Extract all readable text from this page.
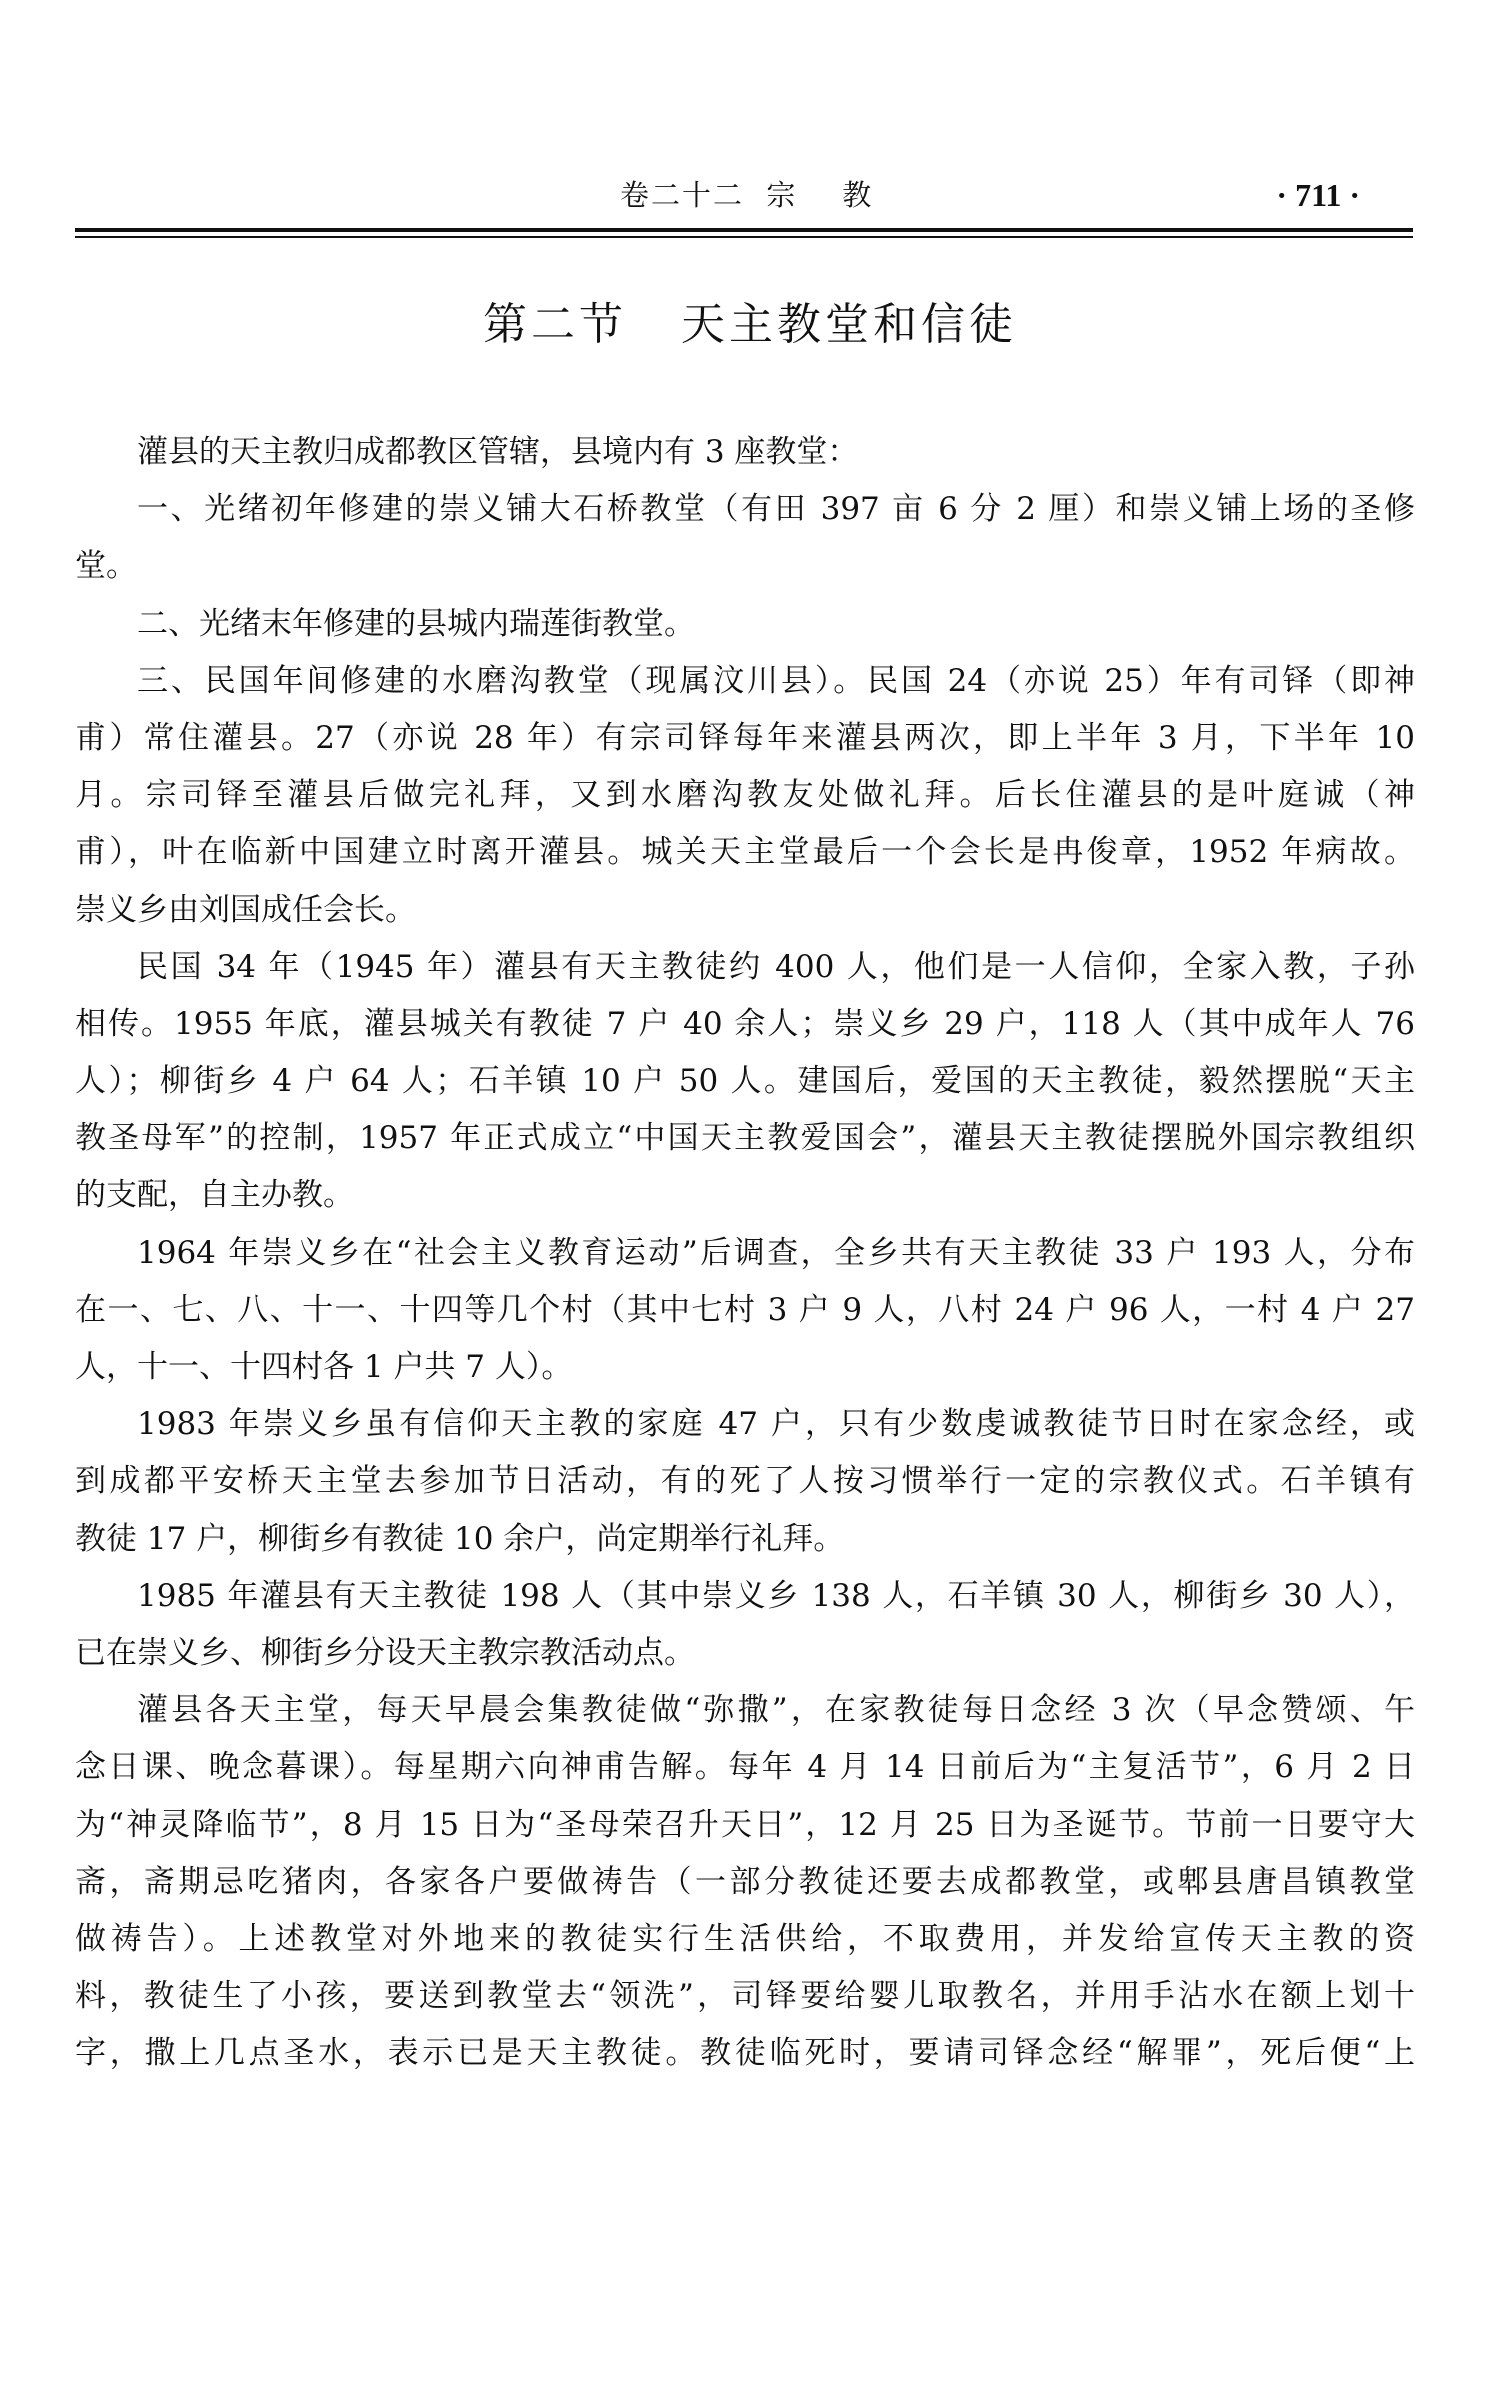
卷二十二  宗    教	· 711 ·
第二节   天主教堂和信徒
灌县的天主教归成都教区管辖，县境内有 3 座教堂：
一、光绪初年修建的崇义铺大石桥教堂（有田 397 亩 6 分 2 厘）和崇义铺上场的圣修
堂。
二、光绪末年修建的县城内瑞莲街教堂。
三、民国年间修建的水磨沟教堂（现属汶川县）。民国 24（亦说 25）年有司铎（即神
甫）常住灌县。27（亦说 28 年）有宗司铎每年来灌县两次，即上半年 3 月，下半年 10
月。宗司铎至灌县后做完礼拜，又到水磨沟教友处做礼拜。后长住灌县的是叶庭诚（神
甫），叶在临新中国建立时离开灌县。城关天主堂最后一个会长是冉俊章，1952 年病故。
崇义乡由刘国成任会长。
民国 34 年（1945 年）灌县有天主教徒约 400 人，他们是一人信仰，全家入教，子孙
相传。1955 年底，灌县城关有教徒 7 户 40 余人；崇义乡 29 户，118 人（其中成年人 76
人）；柳街乡 4 户 64 人；石羊镇 10 户 50 人。建国后，爱国的天主教徒，毅然摆脱“天主
教圣母军”的控制，1957 年正式成立“中国天主教爱国会”，灌县天主教徒摆脱外国宗教组织
的支配，自主办教。
1964 年崇义乡在“社会主义教育运动”后调查，全乡共有天主教徒 33 户 193 人，分布
在一、七、八、十一、十四等几个村（其中七村 3 户 9 人，八村 24 户 96 人，一村 4 户 27
人，十一、十四村各 1 户共 7 人）。
1983 年崇义乡虽有信仰天主教的家庭 47 户，只有少数虔诚教徒节日时在家念经，或
到成都平安桥天主堂去参加节日活动，有的死了人按习惯举行一定的宗教仪式。石羊镇有
教徒 17 户，柳街乡有教徒 10 余户，尚定期举行礼拜。
1985 年灌县有天主教徒 198 人（其中崇义乡 138 人，石羊镇 30 人，柳街乡 30 人），
已在崇义乡、柳街乡分设天主教宗教活动点。
灌县各天主堂，每天早晨会集教徒做“弥撒”，在家教徒每日念经 3 次（早念赞颂、午
念日课、晚念暮课）。每星期六向神甫告解。每年 4 月 14 日前后为“主复活节”，6 月 2 日
为“神灵降临节”，8 月 15 日为“圣母荣召升天日”，12 月 25 日为圣诞节。节前一日要守大
斋，斋期忌吃猪肉，各家各户要做祷告（一部分教徒还要去成都教堂，或郫县唐昌镇教堂
做祷告）。上述教堂对外地来的教徒实行生活供给，不取费用，并发给宣传天主教的资
料，教徒生了小孩，要送到教堂去“领洗”，司铎要给婴儿取教名，并用手沾水在额上划十
字，撒上几点圣水，表示已是天主教徒。教徒临死时，要请司铎念经“解罪”，死后便“上
